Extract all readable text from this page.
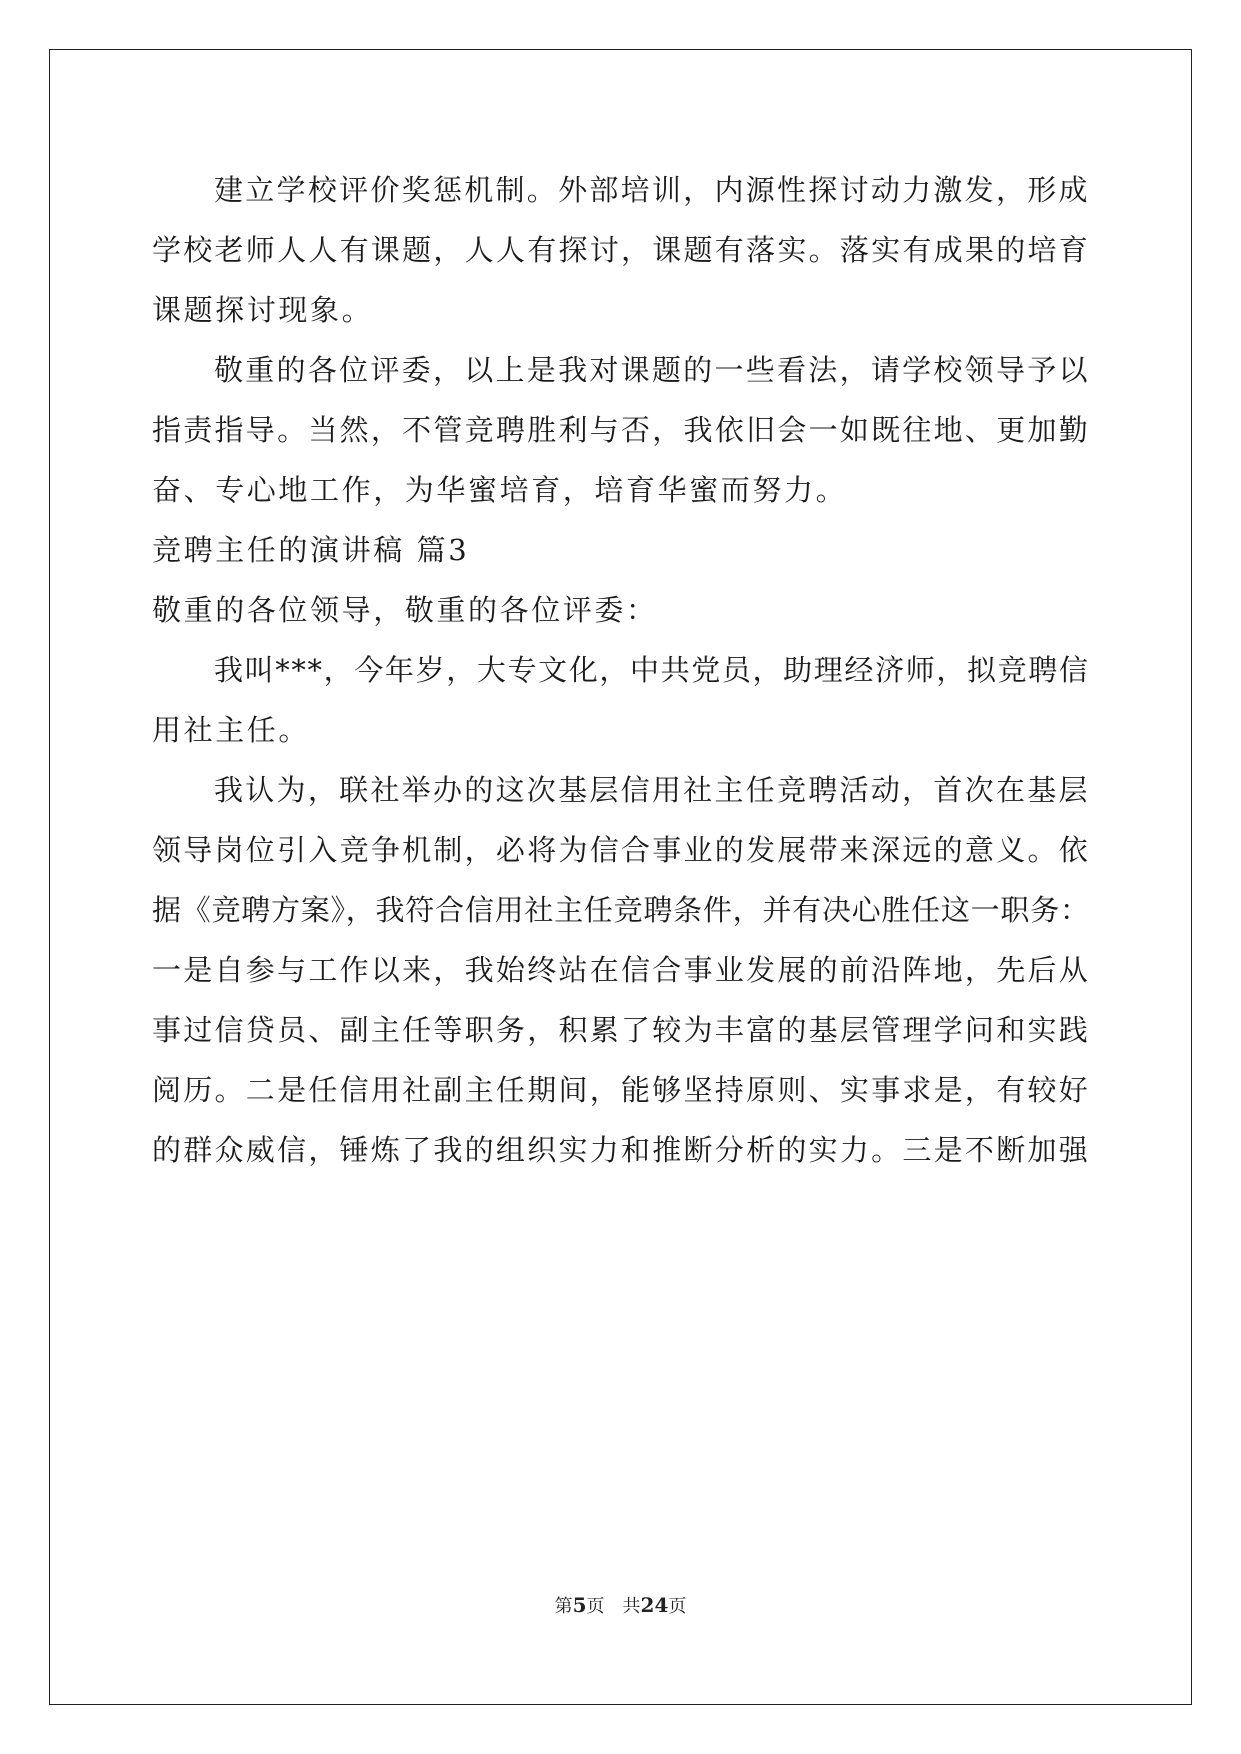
建立学校评价奖惩机制。外部培训，内源性探讨动力激发，形成
学校老师人人有课题，人人有探讨，课题有落实。落实有成果的培育
课题探讨现象。
敬重的各位评委，以上是我对课题的一些看法，请学校领导予以
指责指导。当然，不管竞聘胜利与否，我依旧会一如既往地、更加勤
奋、专心地工作，为华蜜培育，培育华蜜而努力。
竞聘主任的演讲稿 篇3
敬重的各位领导，敬重的各位评委：
我叫***，今年岁，大专文化，中共党员，助理经济师，拟竞聘信
用社主任。
我认为，联社举办的这次基层信用社主任竞聘活动，首次在基层
领导岗位引入竞争机制，必将为信合事业的发展带来深远的意义。依
据《竞聘方案》，我符合信用社主任竞聘条件，并有决心胜任这一职务：
一是自参与工作以来，我始终站在信合事业发展的前沿阵地，先后从
事过信贷员、副主任等职务，积累了较为丰富的基层管理学问和实践
阅历。二是任信用社副主任期间，能够坚持原则、实事求是，有较好
的群众威信，锤炼了我的组织实力和推断分析的实力。三是不断加强
第5页　共24页
